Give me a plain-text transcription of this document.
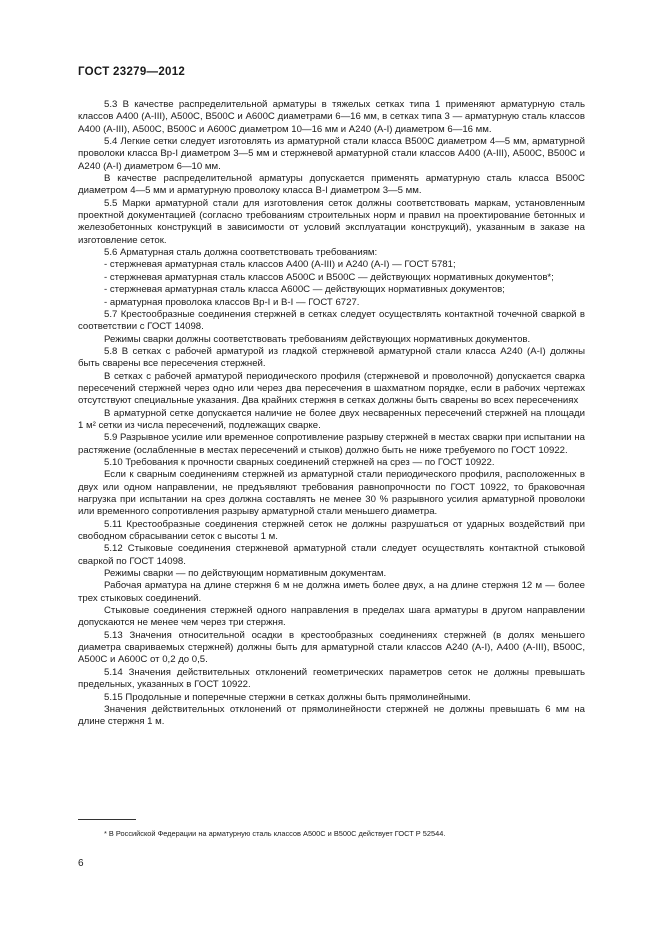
ГОСТ 23279—2012

5.3 В качестве распределительной арматуры в тяжелых сетках типа 1 применяют арматурную сталь классов А400 (А-III), А500С, В500С и А600С диаметрами 6—16 мм, в сетках типа 3 — арматурную сталь классов А400 (А-III), А500С, В500С и А600С диаметром 10—16 мм и А240 (А-I) диаметром 6—16 мм.

5.4 Легкие сетки следует изготовлять из арматурной стали класса В500С диаметром 4—5 мм, арматурной проволоки класса Вр-I диаметром 3—5 мм и стержневой арматурной стали классов А400 (А-III), А500С, В500С и А240 (А-I) диаметром 6—10 мм.

В качестве распределительной арматуры допускается применять арматурную сталь класса В500С диаметром 4—5 мм и арматурную проволоку класса В-I диаметром 3—5 мм.

5.5 Марки арматурной стали для изготовления сеток должны соответствовать маркам, установленным проектной документацией (согласно требованиям строительных норм и правил на проектирование бетонных и железобетонных конструкций в зависимости от условий эксплуатации конструкций), указанным в заказе на изготовление сеток.

5.6 Арматурная сталь должна соответствовать требованиям:

- стержневая арматурная сталь классов А400 (А-III) и А240 (А-I) — ГОСТ 5781;

- стержневая арматурная сталь классов А500С и В500С — действующих нормативных документов*;

- стержневая арматурная сталь класса А600С — действующих нормативных документов;

- арматурная проволока классов Вр-I и В-I — ГОСТ 6727.

5.7 Крестообразные соединения стержней в сетках следует осуществлять контактной точечной сваркой в соответствии с ГОСТ 14098.

Режимы сварки должны соответствовать требованиям действующих нормативных документов.

5.8 В сетках с рабочей арматурой из гладкой стержневой арматурной стали класса А240 (А-I) должны быть сварены все пересечения стержней.

В сетках с рабочей арматурой периодического профиля (стержневой и проволочной) допускается сварка пересечений стержней через одно или через два пересечения в шахматном порядке, если в рабочих чертежах отсутствуют специальные указания. Два крайних стержня в сетках должны быть сварены во всех пересечениях

В арматурной сетке допускается наличие не более двух несваренных пересечений стержней на площади 1 м² сетки из числа пересечений, подлежащих сварке.

5.9 Разрывное усилие или временное сопротивление разрыву стержней в местах сварки при испытании на растяжение (ослабленные в местах пересечений и стыков) должно быть не ниже требуемого по ГОСТ 10922.

5.10 Требования к прочности сварных соединений стержней на срез — по ГОСТ 10922.

Если к сварным соединениям стержней из арматурной стали периодического профиля, расположенных в двух или одном направлении, не предъявляют требования равнопрочности по ГОСТ 10922, то браковочная нагрузка при испытании на срез должна составлять не менее 30 % разрывного усилия арматурной проволоки или временного сопротивления разрыву арматурной стали меньшего диаметра.

5.11 Крестообразные соединения стержней сеток не должны разрушаться от ударных воздействий при свободном сбрасывании сеток с высоты 1 м.

5.12 Стыковые соединения стержневой арматурной стали следует осуществлять контактной стыковой сваркой по ГОСТ 14098.

Режимы сварки — по действующим нормативным документам.

Рабочая арматура на длине стержня 6 м не должна иметь более двух, а на длине стержня 12 м — более трех стыковых соединений.

Стыковые соединения стержней одного направления в пределах шага арматуры в другом направлении допускаются не менее чем через три стержня.

5.13 Значения относительной осадки в крестообразных соединениях стержней (в долях меньшего диаметра свариваемых стержней) должны быть для арматурной стали классов А240 (А-I), А400 (А-III), В500С, А500С и А600С от 0,2 до 0,5.

5.14 Значения действительных отклонений геометрических параметров сеток не должны превышать предельных, указанных в ГОСТ 10922.

5.15 Продольные и поперечные стержни в сетках должны быть прямолинейными.

Значения действительных отклонений от прямолинейности стержней не должны превышать 6 мм на длине стержня 1 м.

* В Российской Федерации на арматурную сталь классов А500С и В500С действует ГОСТ Р 52544.
6
